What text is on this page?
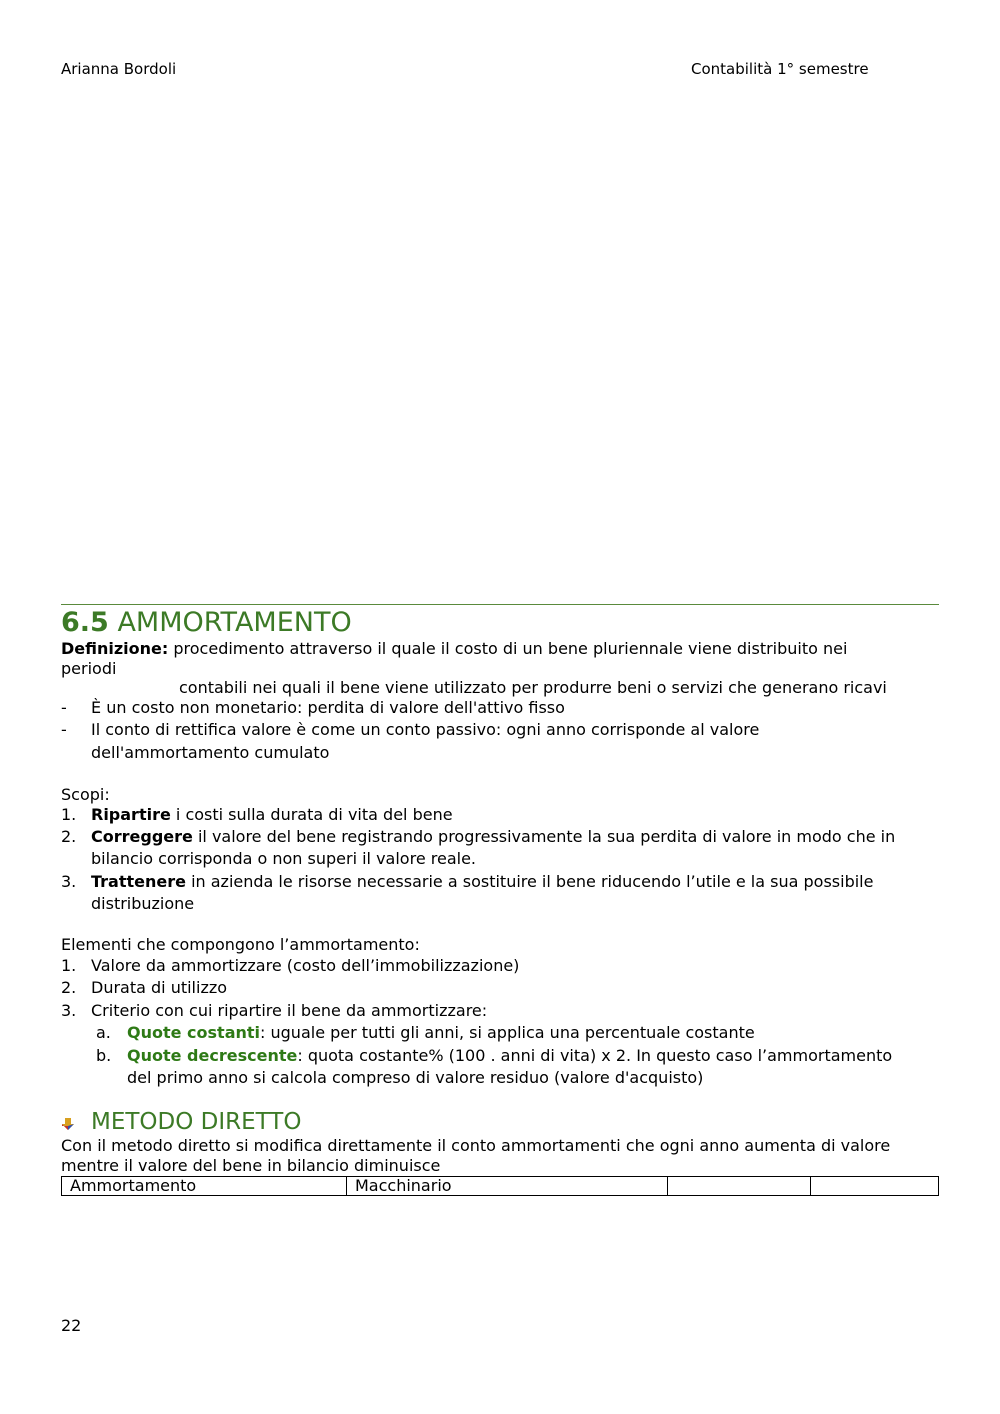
Arianna Bordoli	Contabilità 1° semestre
6.5 AMMORTAMENTO
Definizione: procedimento attraverso il quale il costo di un bene pluriennale viene distribuito nei
periodi
contabili nei quali il bene viene utilizzato per produrre beni o servizi che generano ricavi
- È un costo non monetario: perdita di valore dell'attivo fisso
- Il conto di rettifica valore è come un conto passivo: ogni anno corrisponde al valore
dell'ammortamento cumulato
Scopi:
1. Ripartire i costi sulla durata di vita del bene
2. Correggere il valore del bene registrando progressivamente la sua perdita di valore in modo che in
bilancio corrisponda o non superi il valore reale.
3. Trattenere in azienda le risorse necessarie a sostituire il bene riducendo l’utile e la sua possibile
distribuzione
Elementi che compongono l’ammortamento:
1. Valore da ammortizzare (costo dell’immobilizzazione)
2. Durata di utilizzo
3. Criterio con cui ripartire il bene da ammortizzare:
a. Quote costanti: uguale per tutti gli anni, si applica una percentuale costante
b. Quote decrescente: quota costante% (100 . anni di vita) x 2. In questo caso l’ammortamento
del primo anno si calcola compreso di valore residuo (valore d'acquisto)
METODO DIRETTO
Con il metodo diretto si modifica direttamente il conto ammortamenti che ogni anno aumenta di valore
mentre il valore del bene in bilancio diminuisce
Ammortamento	Macchinario		
22
